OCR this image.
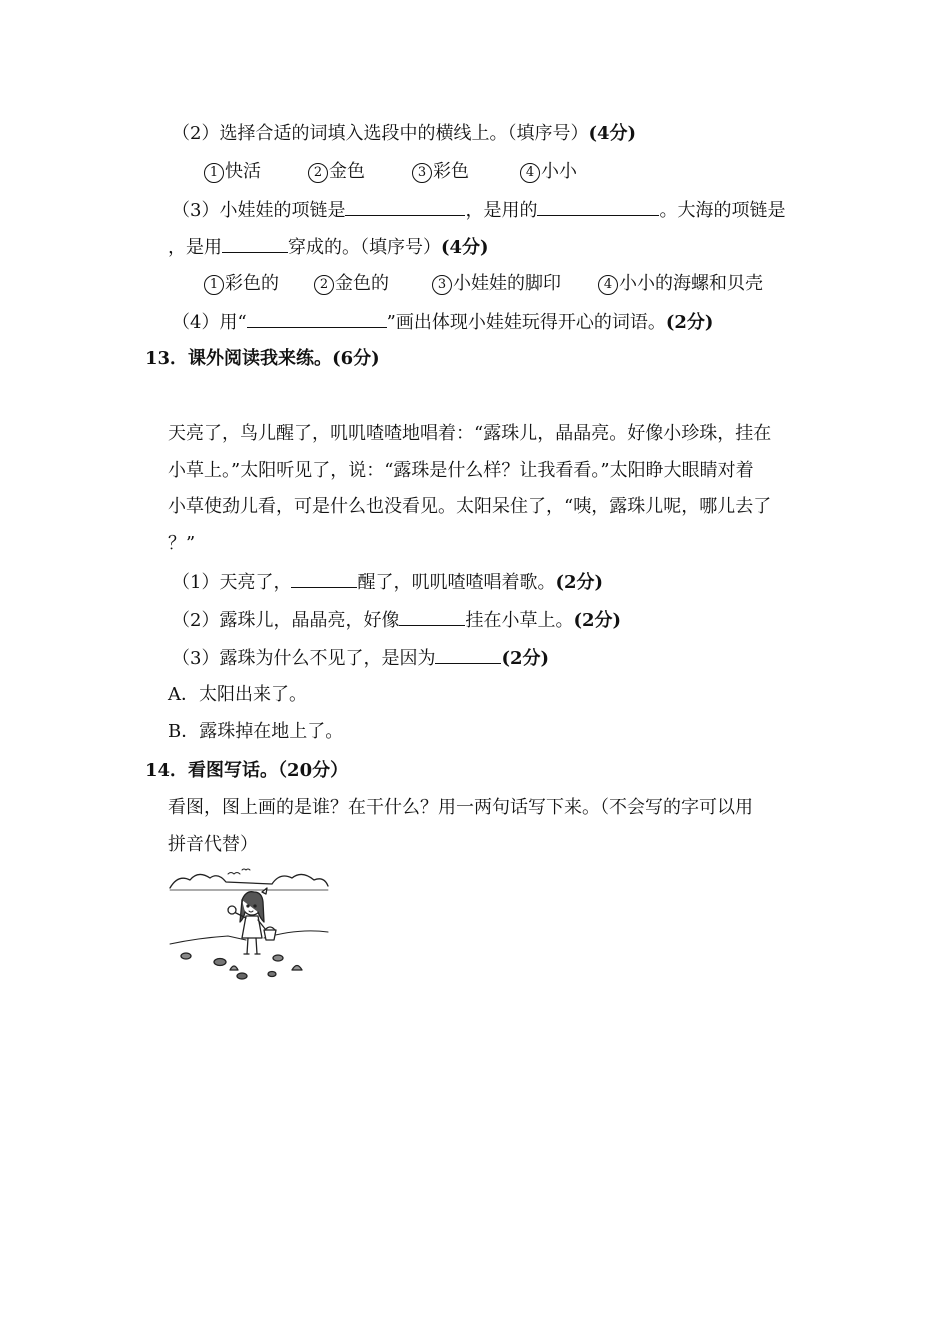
（2）选择合适的词填入选段中的横线上。（填序号）(4分)
1 快活	2 金色	3 彩色	4 小小
（3）小娃娃的项链是	，是用的	。大海的项链是
，是用	穿成的。（填序号）(4分)
1 彩色的	2 金色的	3 小娃娃的脚印	4 小小的海螺和贝壳
（4）用“	”画出体现小娃娃玩得开心的词语。(2分)
13．课外阅读我来练。(6分)
天亮了，鸟儿醒了，叽叽喳喳地唱着：“露珠儿，晶晶亮。好像小珍珠，挂在
小草上。”太阳听见了，说：“露珠是什么样？让我看看。”太阳睁大眼睛对着
小草使劲儿看，可是什么也没看见。太阳呆住了，“咦，露珠儿呢，哪儿去了
？”
（1）天亮了，	醒了，叽叽喳喳唱着歌。(2分)
（2）露珠儿，晶晶亮，好像	挂在小草上。(2分)
（3）露珠为什么不见了，是因为	(2分)
A．太阳出来了。
B．露珠掉在地上了。
14．看图写话。（20分）
看图，图上画的是谁？在干什么？用一两句话写下来。（不会写的字可以用
拼音代替）
